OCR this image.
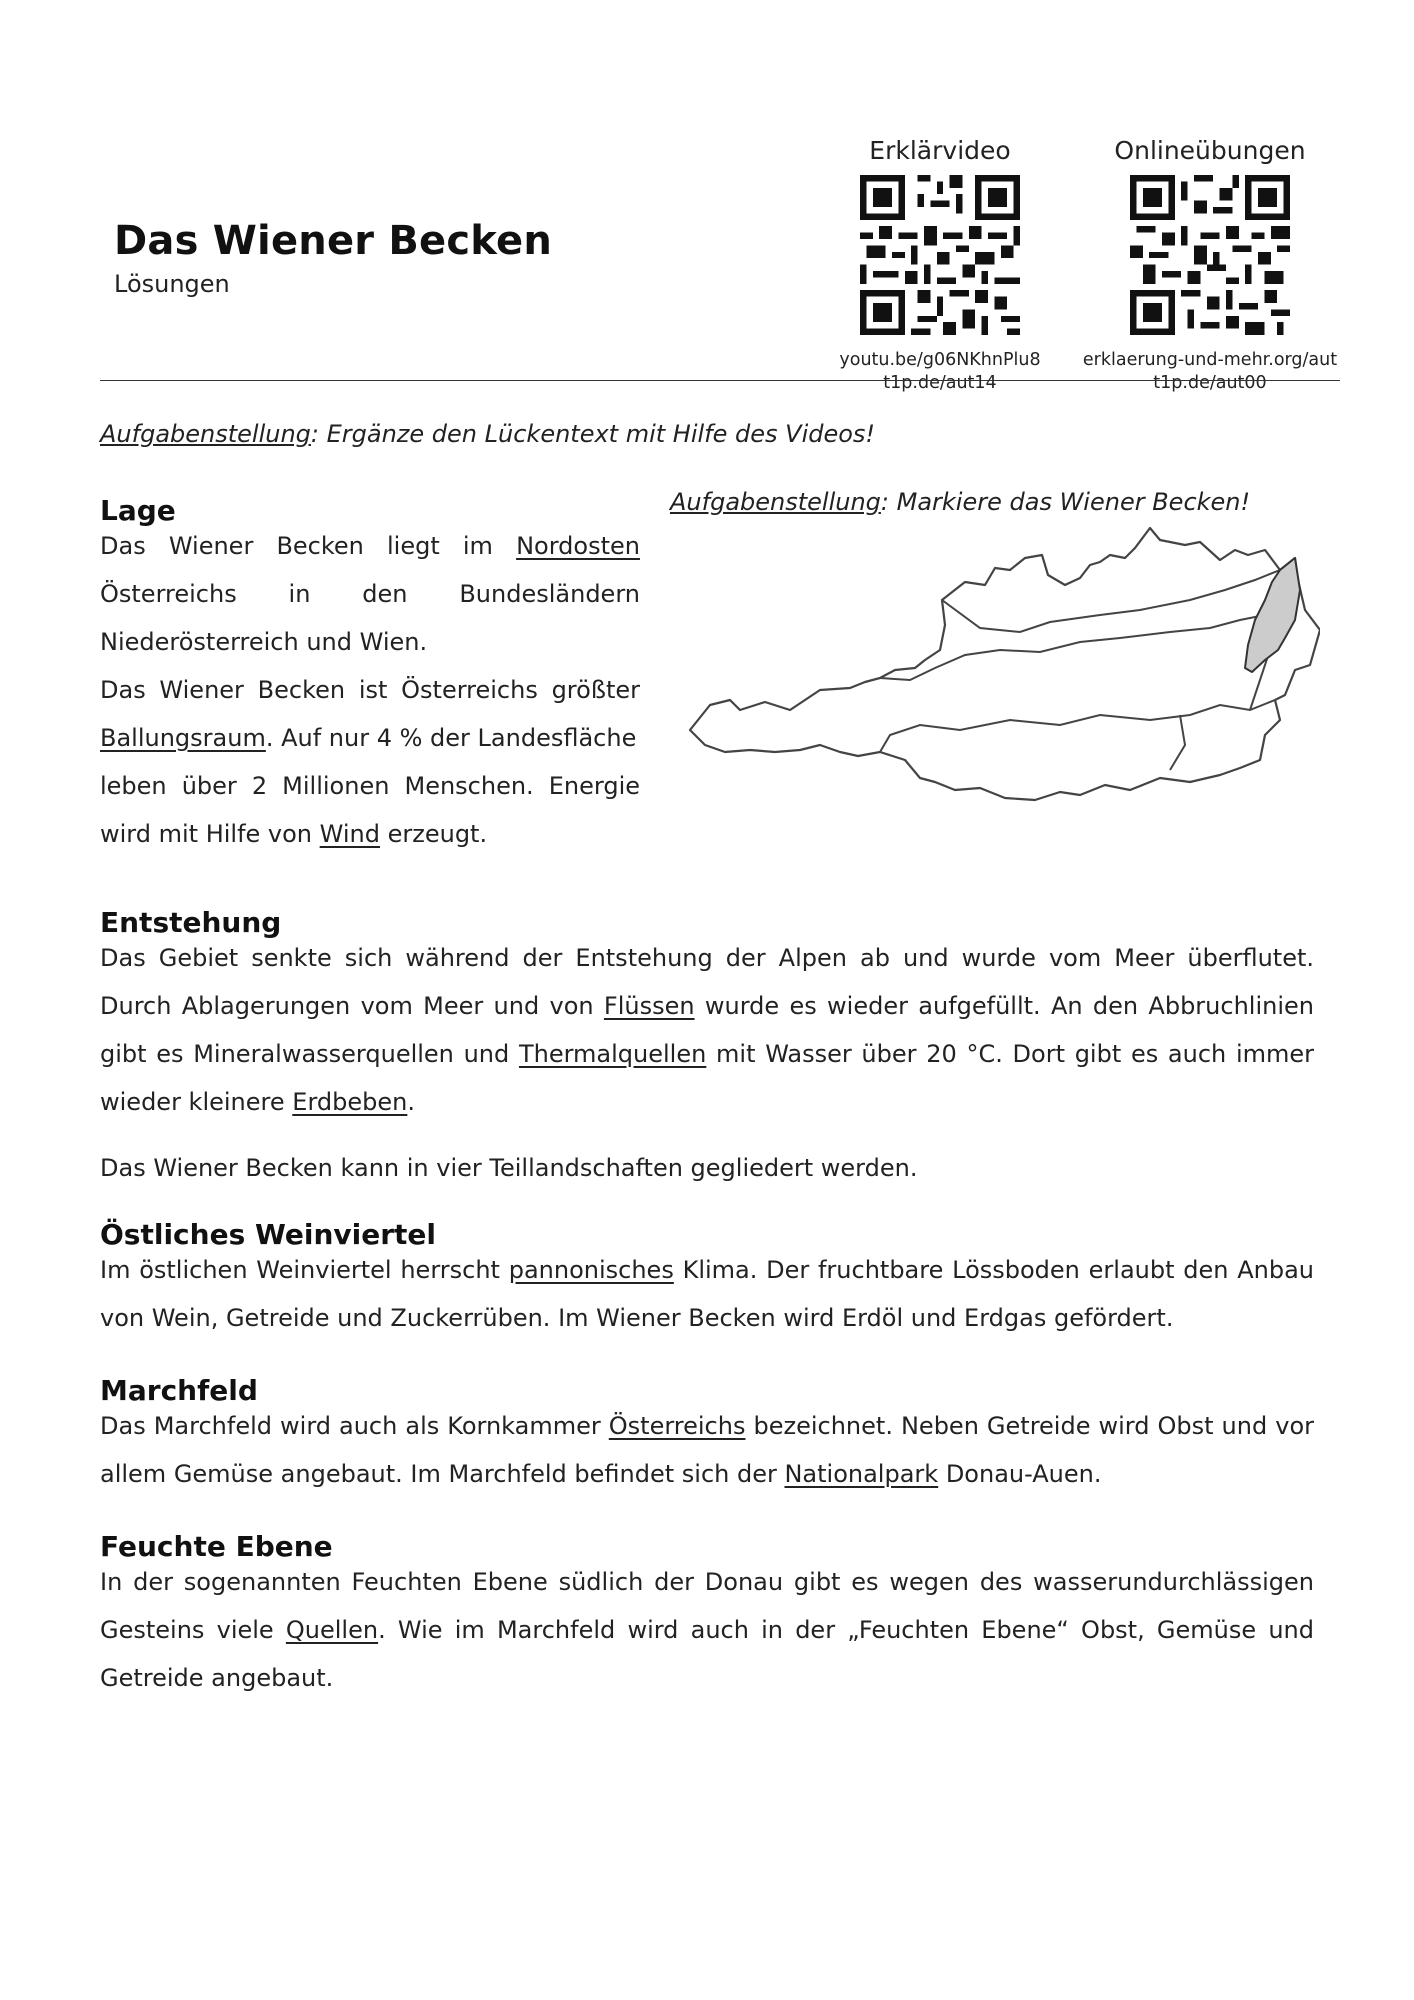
Das Wiener Becken
Lösungen
Erklärvideo
youtu.be/g06NKhnPlu8
t1p.de/aut14
Onlineübungen
erklaerung-und-mehr.org/aut
t1p.de/aut00
Aufgabenstellung: Ergänze den Lückentext mit Hilfe des Videos!
Lage
Das Wiener Becken liegt im Nordosten
Österreichs in den Bundesländern
Niederösterreich und Wien.
Das Wiener Becken ist Österreichs größter
Ballungsraum. Auf nur 4 % der Landesfläche
leben über 2 Millionen Menschen. Energie
wird mit Hilfe von Wind erzeugt.
Aufgabenstellung: Markiere das Wiener Becken!
Entstehung
Das Gebiet senkte sich während der Entstehung der Alpen ab und wurde vom Meer überflutet. Durch Ablagerungen vom Meer und von Flüssen wurde es wieder aufgefüllt. An den Abbruchlinien gibt es Mineralwasserquellen und Thermalquellen mit Wasser über 20 °C. Dort gibt es auch immer wieder kleinere Erdbeben.
Das Wiener Becken kann in vier Teillandschaften gegliedert werden.
Östliches Weinviertel
Im östlichen Weinviertel herrscht pannonisches Klima. Der fruchtbare Lössboden erlaubt den Anbau von Wein, Getreide und Zuckerrüben. Im Wiener Becken wird Erdöl und Erdgas gefördert.
Marchfeld
Das Marchfeld wird auch als Kornkammer Österreichs bezeichnet. Neben Getreide wird Obst und vor allem Gemüse angebaut. Im Marchfeld befindet sich der Nationalpark Donau-Auen.
Feuchte Ebene
In der sogenannten Feuchten Ebene südlich der Donau gibt es wegen des wasserundurchlässigen Gesteins viele Quellen. Wie im Marchfeld wird auch in der „Feuchten Ebene“ Obst, Gemüse und Getreide angebaut.
